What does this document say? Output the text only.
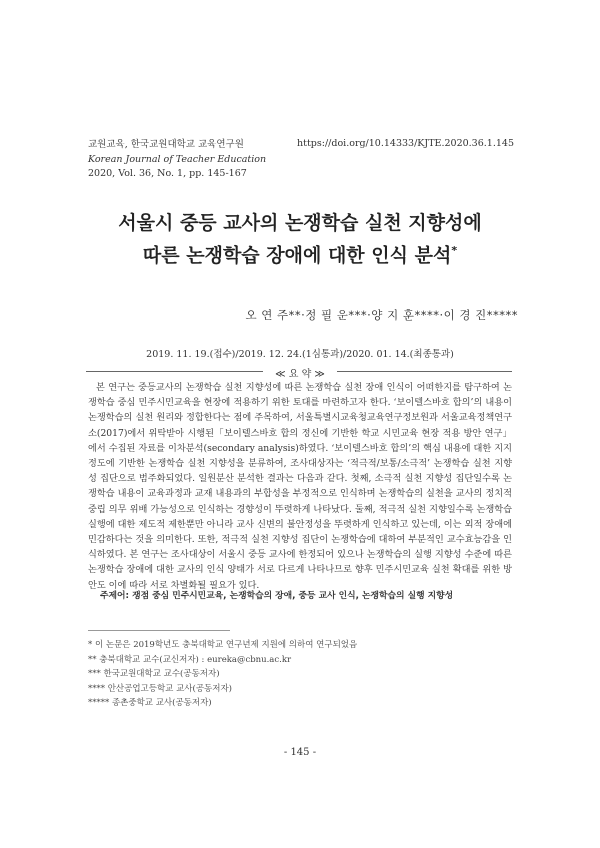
교원교육, 한국교원대학교 교육연구원
Korean Journal of Teacher Education
2020, Vol. 36, No. 1, pp. 145-167
https://doi.org/10.14333/KJTE.2020.36.1.145
서울시 중등 교사의 논쟁학습 실천 지향성에
따른 논쟁학습 장애에 대한 인식 분석*
오 연 주**·정 필 운***·양 지 훈****·이 경 진*****
2019. 11. 19.(접수)/2019. 12. 24.(1심통과)/2020. 01. 14.(최종통과)
≪ 요 약 ≫
본 연구는 중등교사의 논쟁학습 실천 지향성에 따른 논쟁학습 실천 장애 인식이 어떠한지를 탐구하여 논쟁학습 중심 민주시민교육을 현장에 적용하기 위한 토대를 마련하고자 한다. ‘보이텔스바흐 합의’의 내용이 논쟁학습의 실천 원리와 정합한다는 점에 주목하여, 서울특별시교육청교육연구정보원과 서울교육정책연구소(2017)에서 위탁받아 시행된「보이텔스바흐 합의 정신에 기반한 학교 시민교육 현장 적용 방안 연구」에서 수집된 자료를 이차분석(secondary analysis)하였다. ‘보이텔스바흐 합의’의 핵심 내용에 대한 지지 정도에 기반한 논쟁학습 실천 지향성을 분류하여, 조사대상자는 ‘적극적/보통/소극적’ 논쟁학습 실천 지향성 집단으로 범주화되었다. 일원분산 분석한 결과는 다음과 같다. 첫째, 소극적 실천 지향성 집단일수록 논쟁학습 내용이 교육과정과 교재 내용과의 부합성을 부정적으로 인식하며 논쟁학습의 실천을 교사의 정치적 중립 의무 위배 가능성으로 인식하는 경향성이 뚜렷하게 나타났다. 둘째, 적극적 실천 지향일수록 논쟁학습 실행에 대한 제도적 제한뿐만 아니라 교사 신변의 불안정성을 뚜렷하게 인식하고 있는데, 이는 외적 장애에 민감하다는 것을 의미한다. 또한, 적극적 실천 지향성 집단이 논쟁학습에 대하여 부분적인 교수효능감을 인식하였다. 본 연구는 조사대상이 서울시 중등 교사에 한정되어 있으나 논쟁학습의 실행 지향성 수준에 따른 논쟁학습 장애에 대한 교사의 인식 양태가 서로 다르게 나타나므로 향후 민주시민교육 실천 확대를 위한 방안도 이에 따라 서로 차별화될 필요가 있다.
주제어: 쟁점 중심 민주시민교육, 논쟁학습의 장애, 중등 교사 인식, 논쟁학습의 실행 지향성
* 이 논문은 2019학년도 충북대학교 연구년제 지원에 의하여 연구되었음
** 충북대학교 교수(교신저자) : eureka@cbnu.ac.kr
*** 한국교원대학교 교수(공동저자)
**** 안산공업고등학교 교사(공동저자)
***** 종촌중학교 교사(공동저자)
- 145 -
